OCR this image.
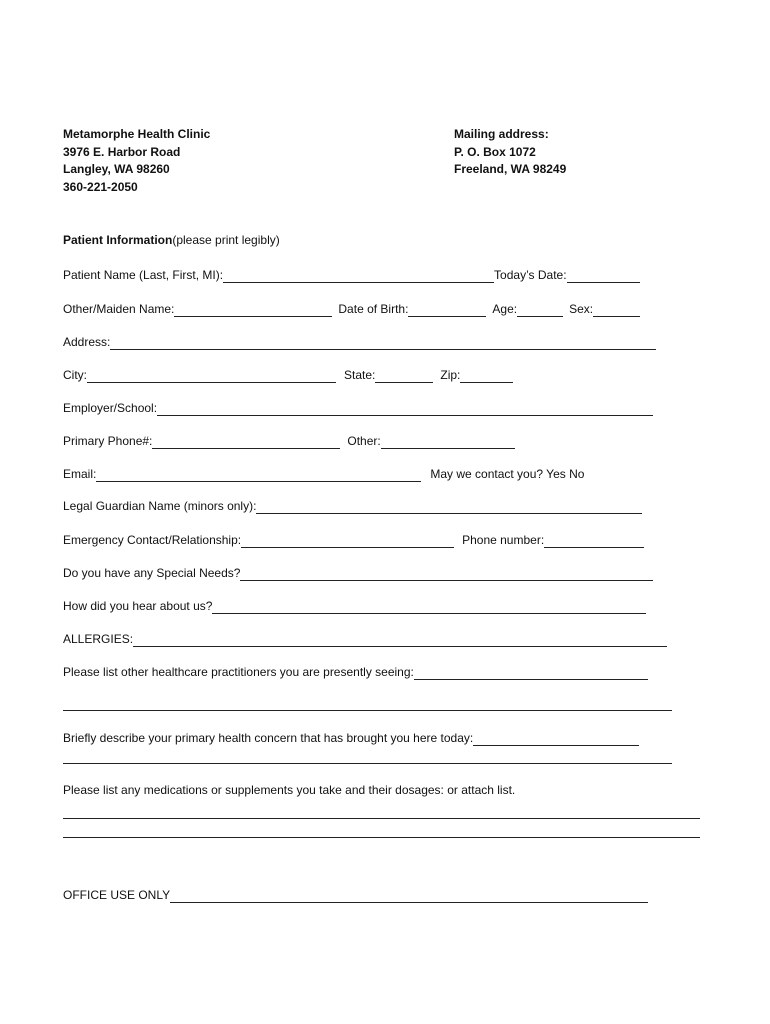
Metamorphe Health Clinic
3976 E. Harbor Road
Langley, WA 98260
360-221-2050
Mailing address:
P. O. Box 1072
Freeland, WA 98249
Patient Information (please print legibly)
Patient Name (Last, First, MI):	Today’s Date:
Other/Maiden Name:	Date of Birth:	Age:	Sex:
Address:
City:	State:	Zip:
Employer/School:
Primary Phone#:	Other:
Email:	May we contact you? Yes No
Legal Guardian Name (minors only):
Emergency Contact/Relationship:	Phone number:
Do you have any Special Needs?
How did you hear about us?
ALLERGIES:
Please list other healthcare practitioners you are presently seeing:
Briefly describe your primary health concern that has brought you here today:
Please list any medications or supplements you take and their dosages: or attach list.
OFFICE USE ONLY
